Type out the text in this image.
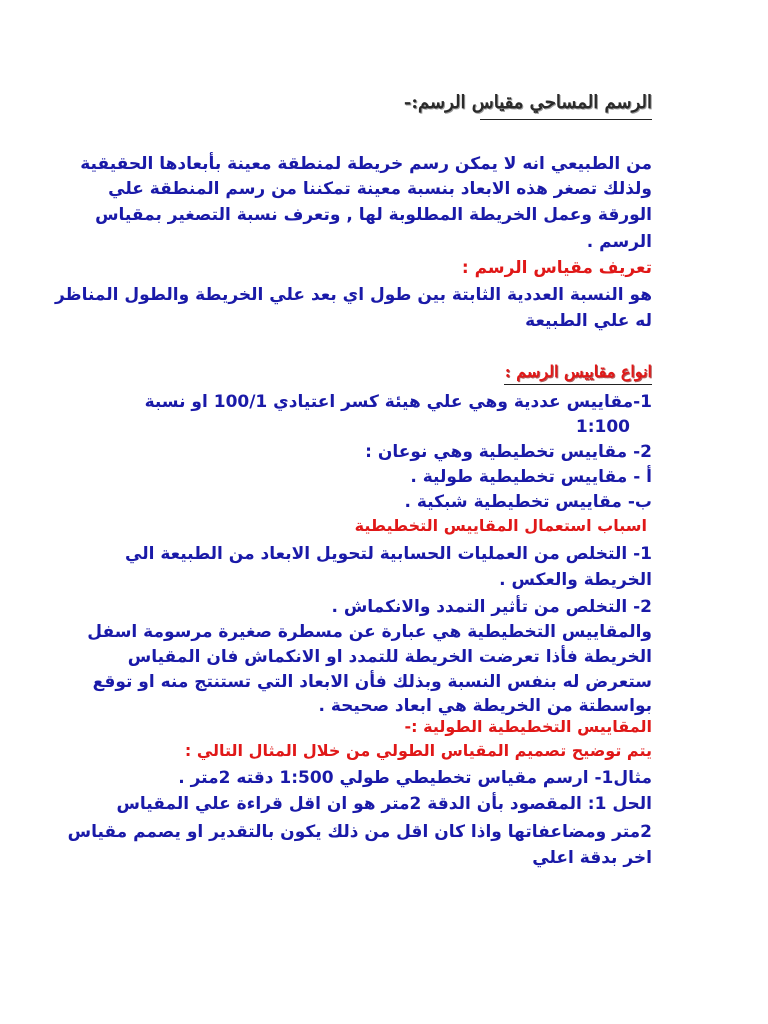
الرسم المساحي مقياس الرسم:-
من الطبيعي انه لا يمكن رسم خريطة لمنطقة معينة بأبعادها الحقيقية
ولذلك تصغر هذه الابعاد بنسبة معينة تمكننا من رسم المنطقة علي
الورقة وعمل الخريطة المطلوبة لها , وتعرف نسبة التصغير بمقياس
الرسم .
تعريف مقياس الرسم :
هو النسبة العددية الثابتة بين طول اي بعد علي الخريطة والطول المناظر
له علي الطبيعة
انواع مقاييس الرسم :
1-مقاييس عددية وهي علي هيئة كسر اعتيادي 100/1 او نسبة
1:100
2- مقاييس تخطيطية وهي نوعان :
أ - مقاييس تخطيطية طولية .
ب- مقاييس تخطيطية شبكية .
اسباب استعمال المقاييس التخطيطية
1- التخلص من العمليات الحسابية لتحويل الابعاد من الطبيعة الي
الخريطة والعكس .
2- التخلص من تأثير التمدد والانكماش .
والمقاييس التخطيطية هي عبارة عن مسطرة صغيرة مرسومة اسفل
الخريطة فأذا تعرضت الخريطة للتمدد او الانكماش فان المقياس
ستعرض له بنفس النسبة وبذلك فأن الابعاد التي تستنتج منه او توقع
بواسطتة من الخريطة هي ابعاد صحيحة .
المقاييس التخطيطية الطولية :-
يتم توضيح تصميم المقياس الطولي من خلال المثال التالي :
مثال1- ارسم مقياس تخطيطي طولي 1:500 دقته 2متر .
الحل 1: المقصود بأن الدقة 2متر هو ان اقل قراءة علي المقياس
2متر ومضاعفاتها واذا كان اقل من ذلك يكون بالتقدير او يصمم مقياس
اخر بدقة اعلي
